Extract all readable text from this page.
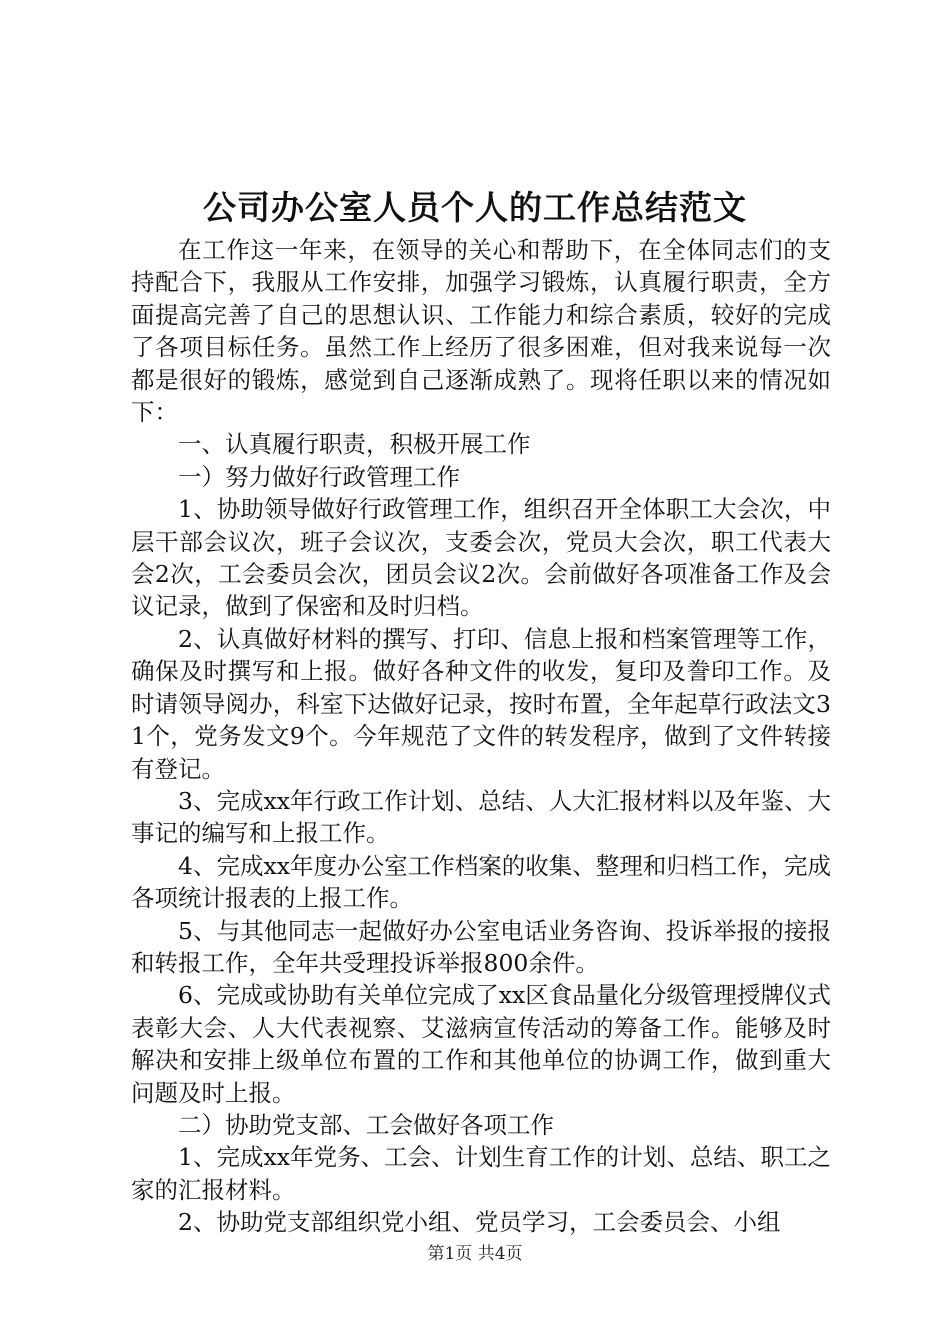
公司办公室人员个人的工作总结范文

在工作这一年来，在领导的关心和帮助下，在全体同志们的支持配合下，我服从工作安排，加强学习锻炼，认真履行职责，全方面提高完善了自己的思想认识、工作能力和综合素质，较好的完成了各项目标任务。虽然工作上经历了很多困难，但对我来说每一次都是很好的锻炼，感觉到自己逐渐成熟了。现将任职以来的情况如下：

一、认真履行职责，积极开展工作

一）努力做好行政管理工作

1、协助领导做好行政管理工作，组织召开全体职工大会次，中层干部会议次，班子会议次，支委会次，党员大会次，职工代表大会2次，工会委员会次，团员会议2次。会前做好各项准备工作及会议记录，做到了保密和及时归档。

2、认真做好材料的撰写、打印、信息上报和档案管理等工作，确保及时撰写和上报。做好各种文件的收发，复印及誊印工作。及时请领导阅办，科室下达做好记录，按时布置，全年起草行政法文31个，党务发文9个。今年规范了文件的转发程序，做到了文件转接有登记。

3、完成xx年行政工作计划、总结、人大汇报材料以及年鉴、大事记的编写和上报工作。

4、完成xx年度办公室工作档案的收集、整理和归档工作，完成各项统计报表的上报工作。

5、与其他同志一起做好办公室电话业务咨询、投诉举报的接报和转报工作，全年共受理投诉举报800余件。

6、完成或协助有关单位完成了xx区食品量化分级管理授牌仪式表彰大会、人大代表视察、艾滋病宣传活动的筹备工作。能够及时解决和安排上级单位布置的工作和其他单位的协调工作，做到重大问题及时上报。

二）协助党支部、工会做好各项工作

1、完成xx年党务、工会、计划生育工作的计划、总结、职工之家的汇报材料。

2、协助党支部组织党小组、党员学习，工会委员会、小组

第1页 共4页
